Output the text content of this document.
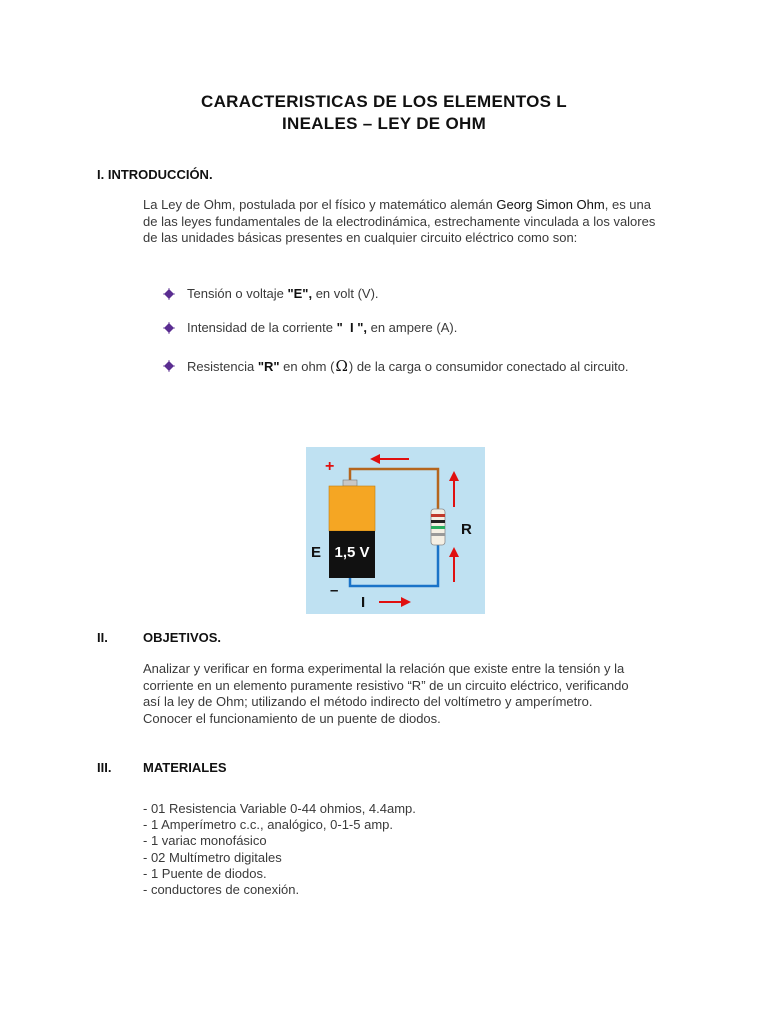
CARACTERISTICAS DE LOS ELEMENTOS L
INEALES – LEY DE OHM
I. INTRODUCCIÓN.
La Ley de Ohm, postulada por el físico y matemático alemán Georg Simon Ohm, es una
de las leyes fundamentales de la electrodinámica, estrechamente vinculada a los valores
de las unidades básicas presentes en cualquier circuito eléctrico como son:
Tensión o voltaje "E", en volt (V).
Intensidad de la corriente "  I ", en ampere (A).
Resistencia "R" en ohm (Ω) de la carga o consumidor conectado al circuito.
1,5 V
E
+
–
R
I
II.	OBJETIVOS.
Analizar y verificar en forma experimental la relación que existe entre la tensión y la
corriente en un elemento puramente resistivo “R” de un circuito eléctrico, verificando
así la ley de Ohm; utilizando el método indirecto del voltímetro y amperímetro.
Conocer el funcionamiento de un puente de diodos.
III. MATERIALES
- 01 Resistencia Variable 0-44 ohmios, 4.4amp.
- 1 Amperímetro c.c., analógico, 0-1-5 amp.
- 1 variac monofásico
- 02 Multímetro digitales
- 1 Puente de diodos.
- conductores de conexión.
